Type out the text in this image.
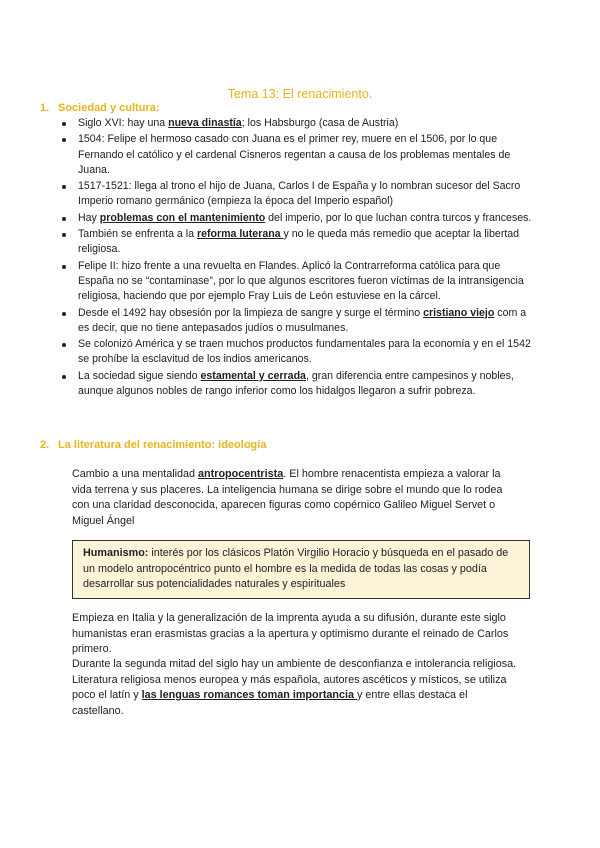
Tema 13: El renacimiento.
1. Sociedad y cultura:
Siglo XVI: hay una nueva dinastía; los Habsburgo (casa de Austria)
1504: Felipe el hermoso casado con Juana es el primer rey, muere en el 1506, por lo que Fernando el católico y el cardenal Cisneros regentan a causa de los problemas mentales de Juana.
1517-1521: llega al trono el hijo de Juana, Carlos I de España y lo nombran sucesor del Sacro Imperio romano germánico (empieza la época del Imperio español)
Hay problemas con el mantenimiento del imperio, por lo que luchan contra turcos y franceses.
También se enfrenta a la reforma luterana y no le queda más remedio que aceptar la libertad religiosa.
Felipe II: hizo frente a una revuelta en Flandes. Aplicó la Contrarreforma católica para que España no se “contaminase”, por lo que algunos escritores fueron víctimas de la intransigencia religiosa, haciendo que por ejemplo Fray Luis de León estuviese en la cárcel.
Desde el 1492 hay obsesión por la limpieza de sangre y surge el término cristiano viejo com a es decir, que no tiene antepasados judíos o musulmanes.
Se colonizó América y se traen muchos productos fundamentales para la economía y en el 1542 se prohíbe la esclavitud de los indios americanos.
La sociedad sigue siendo estamental y cerrada, gran diferencia entre campesinos y nobles, aunque algunos nobles de rango inferior como los hidalgos llegaron a sufrir pobreza.
2. La literatura del renacimiento: ideología
Cambio a una mentalidad antropocentrista. El hombre renacentista empieza a valorar la vida terrena y sus placeres. La inteligencia humana se dirige sobre el mundo que lo rodea con una claridad desconocida, aparecen figuras como copérnico Galileo Miguel Servet o Miguel Ángel
Humanismo: interés por los clásicos Platón Virgilio Horacio y búsqueda en el pasado de un modelo antropocéntrico punto el hombre es la medida de todas las cosas y podía desarrollar sus potencialidades naturales y espirituales
Empieza en Italia y la generalización de la imprenta ayuda a su difusión, durante este siglo humanistas eran erasmistas gracias a la apertura y optimismo durante el reinado de Carlos primero.
Durante la segunda mitad del siglo hay un ambiente de desconfianza e intolerancia religiosa. Literatura religiosa menos europea y más española, autores ascéticos y místicos, se utiliza poco el latín y las lenguas romances toman importancia y entre ellas destaca el castellano.
